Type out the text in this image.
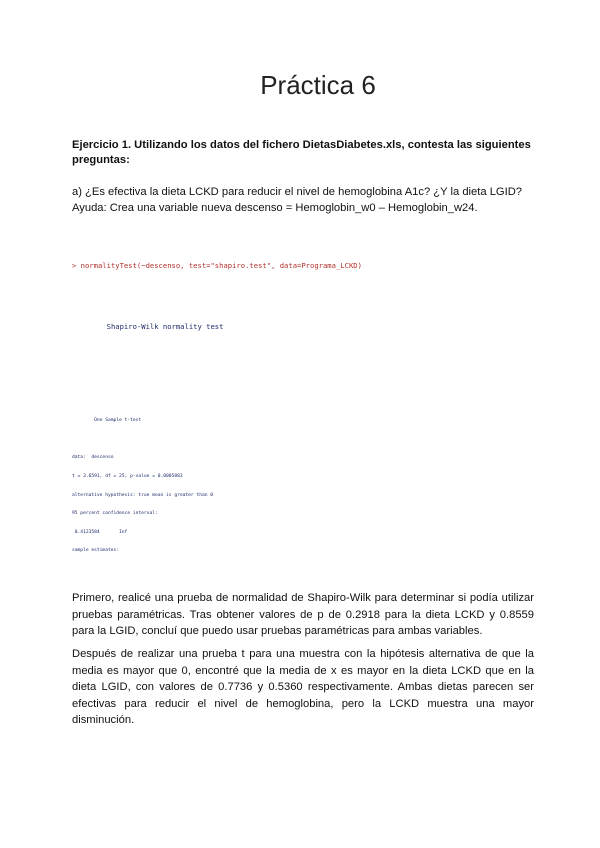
Práctica 6
Ejercicio 1. Utilizando los datos del fichero DietasDiabetes.xls, contesta las siguientes preguntas:
a) ¿Es efectiva la dieta LCKD para reducir el nivel de hemoglobina A1c? ¿Y la dieta LGID?
Ayuda: Crea una variable nueva descenso = Hemoglobin_w0 – Hemoglobin_w24.

> normalityTest(~descenso, test="shapiro.test", data=Programa_LCKD)

Shapiro-Wilk normality test

One Sample t-test

data:  descenso

t = 3.6591, df = 25, p-value = 0.0005883

alternative hypothesis: true mean is greater than 0

95 percent confidence interval:

0.4123584       Inf

sample estimates:

Primero, realicé una prueba de normalidad de Shapiro-Wilk para determinar si podía utilizar pruebas paramétricas. Tras obtener valores de p de 0.2918 para la dieta LCKD y 0.8559 para la LGID, concluí que puedo usar pruebas paramétricas para ambas variables.
Después de realizar una prueba t para una muestra con la hipótesis alternativa de que la media es mayor que 0, encontré que la media de x es mayor en la dieta LCKD que en la dieta LGID, con valores de 0.7736 y 0.5360 respectivamente. Ambas dietas parecen ser efectivas para reducir el nivel de hemoglobina, pero la LCKD muestra una mayor disminución.
